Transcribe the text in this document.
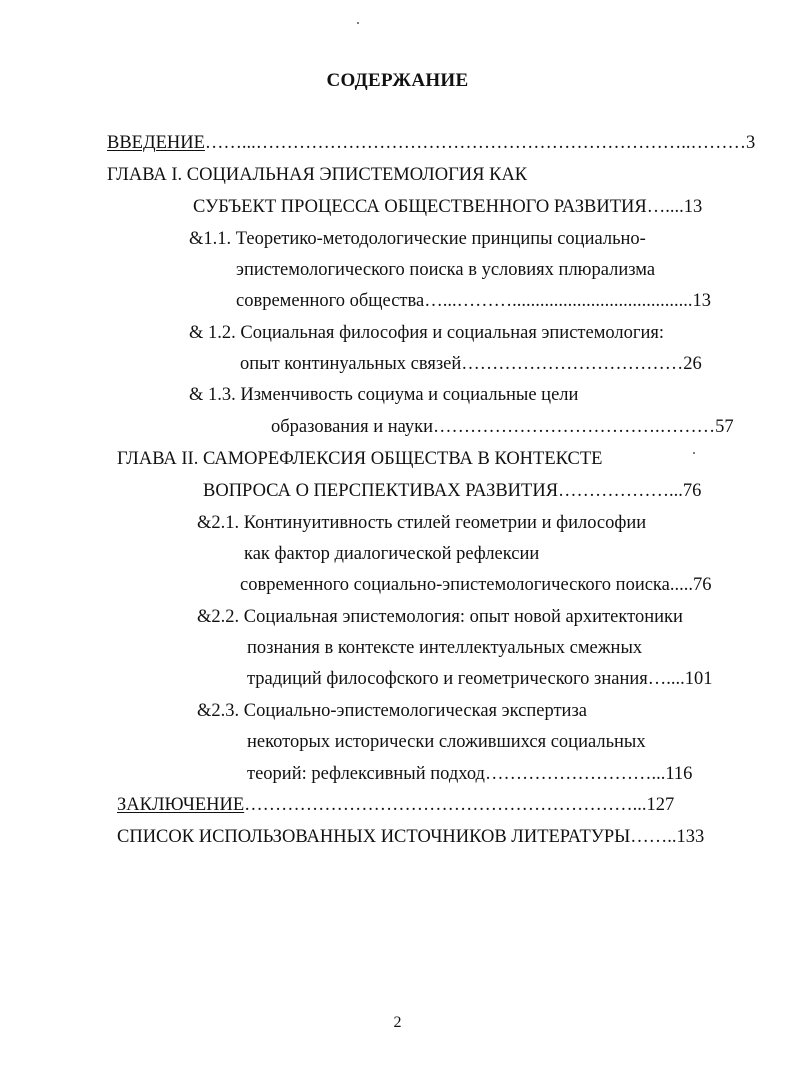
СОДЕРЖАНИЕ
ВВЕДЕНИЕ……...……………………………………………………………..………3
ГЛАВА I. СОЦИАЛЬНАЯ ЭПИСТЕМОЛОГИЯ КАК
СУБЪЕКТ ПРОЦЕССА ОБЩЕСТВЕННОГО РАЗВИТИЯ…....13
&1.1. Теоретико-методологические принципы социально-
эпистемологического поиска в условиях плюрализма
современного общества…...……….......................................13
& 1.2. Социальная философия и социальная эпистемология:
опыт континуальных связей………………………………26
& 1.3. Изменчивость социума и социальные цели
образования и науки……………………………….………57
ГЛАВА II. САМОРЕФЛЕКСИЯ ОБЩЕСТВА В КОНТЕКСТЕ
ВОПРОСА О ПЕРСПЕКТИВАХ РАЗВИТИЯ………………...76
&2.1. Континуитивность стилей геометрии и философии
как фактор диалогической рефлексии
современного социально-эпистемологического поиска.....76
&2.2. Социальная эпистемология: опыт новой архитектоники
познания в контексте интеллектуальных смежных
традиций философского и геометрического знания…....101
&2.3. Социально-эпистемологическая экспертиза
некоторых исторически сложившихся социальных
теорий: рефлексивный подход………………………...116
ЗАКЛЮЧЕНИЕ………………………………………………………...127
СПИСОК ИСПОЛЬЗОВАННЫХ ИСТОЧНИКОВ ЛИТЕРАТУРЫ……..133
2
